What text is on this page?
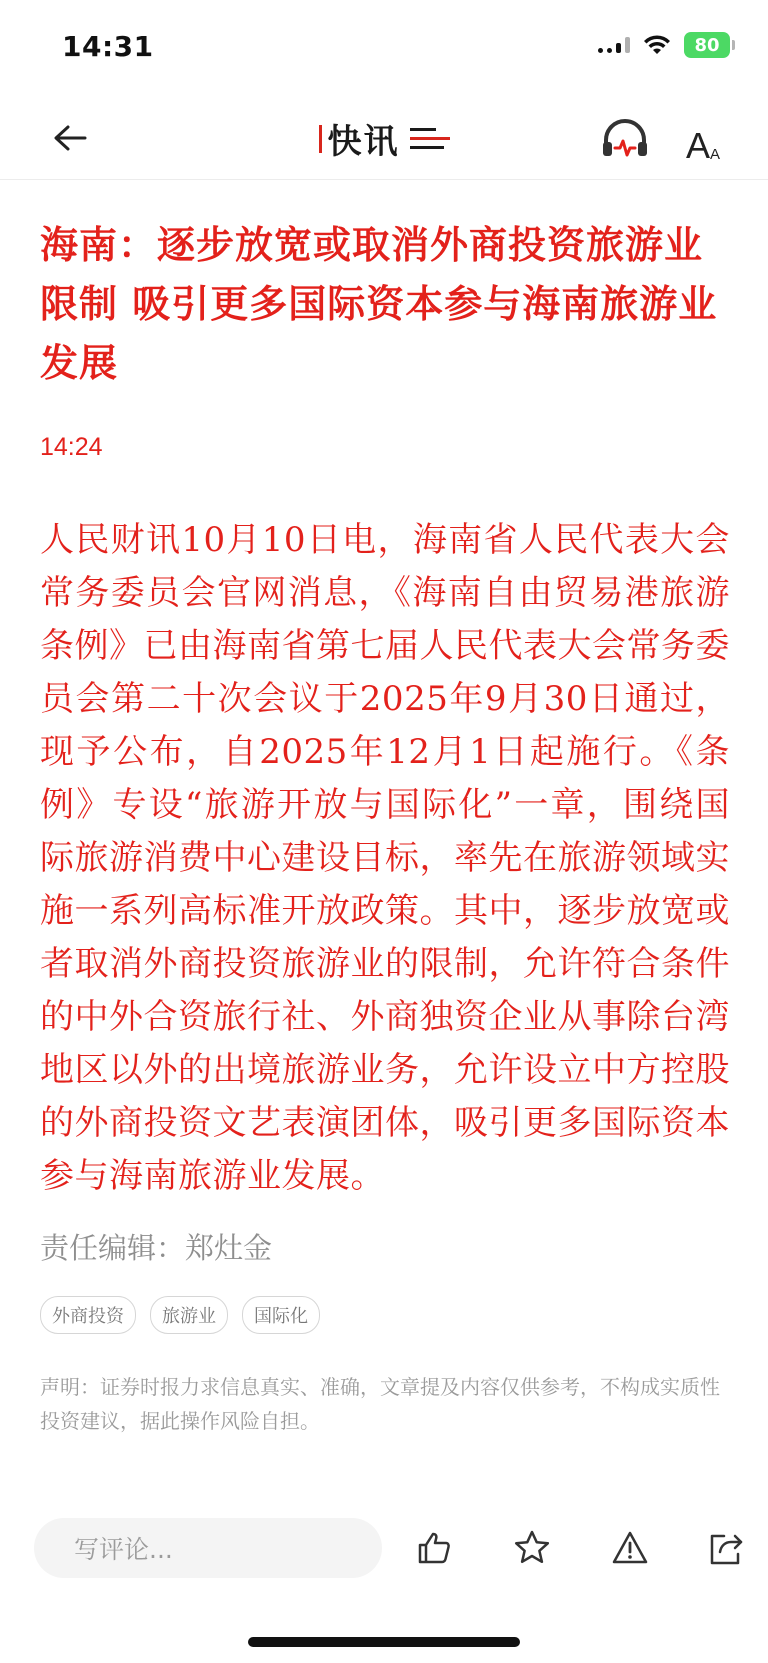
14:31	80
快讯	A A
海南：逐步放宽或取消外商投资旅游业限制 吸引更多国际资本参与海南旅游业发展
14:24
人民财讯10月10日电，海南省人民代表大会常务委员会官网消息，《海南自由贸易港旅游条例》已由海南省第七届人民代表大会常务委员会第二十次会议于2025年9月30日通过，现予公布，自2025年12月1日起施行。《条例》专设“旅游开放与国际化”一章，围绕国际旅游消费中心建设目标，率先在旅游领域实施一系列高标准开放政策。其中，逐步放宽或者取消外商投资旅游业的限制，允许符合条件的中外合资旅行社、外商独资企业从事除台湾地区以外的出境旅游业务，允许设立中方控股的外商投资文艺表演团体，吸引更多国际资本参与海南旅游业发展。
责任编辑：郑灶金
外商投资	旅游业	国际化
声明：证券时报力求信息真实、准确，文章提及内容仅供参考，不构成实质性投资建议，据此操作风险自担。
写评论...
